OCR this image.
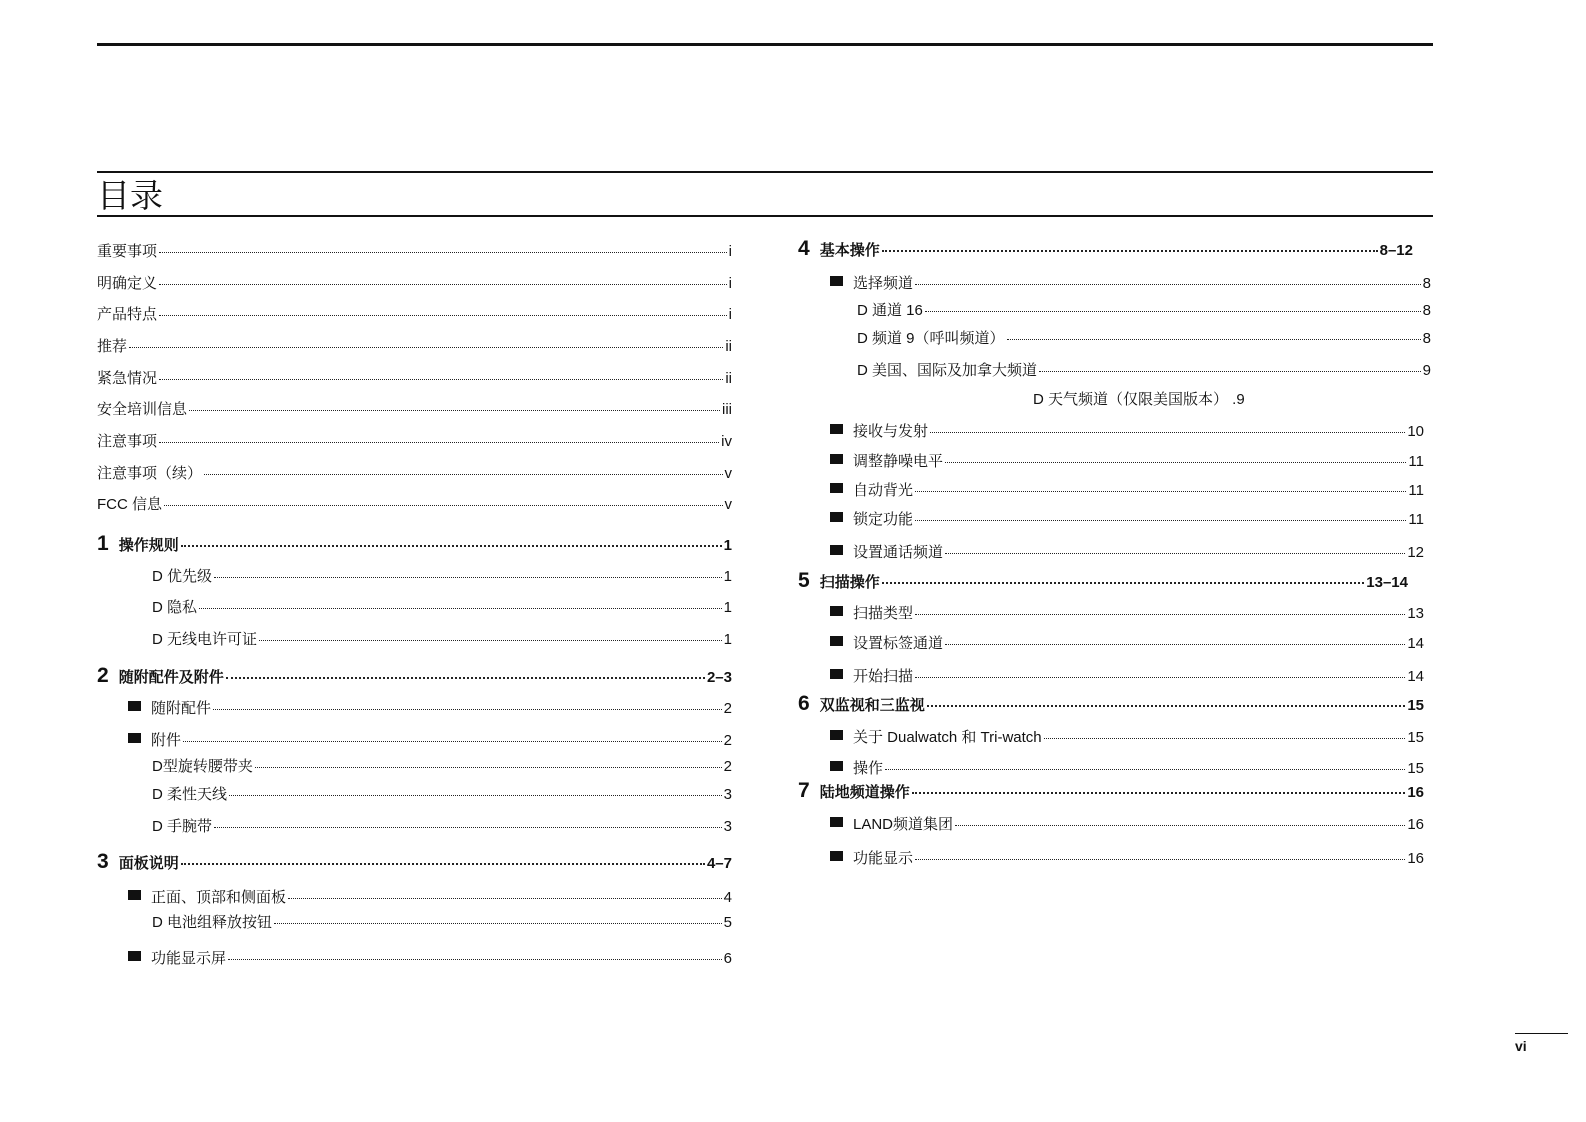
目录
重要事项	i
明确定义	i
产品特点	i
推荐	ii
紧急情况	ii
安全培训信息	iii
注意事项	iv
注意事项（续）	v
FCC 信息	v
1 操作规则	1
D 优先级	1
D 隐私	1
D 无线电许可证	1
2 随附配件及附件	2–3
随附配件	2
附件	2
D型旋转腰带夹	2
D 柔性天线	3
D 手腕带	3
3 面板说明	4–7
正面、顶部和侧面板	4
D 电池组释放按钮	5
功能显示屏	6
4 基本操作	8–12
选择频道	8
D 通道 16	8
D 频道 9（呼叫频道）	8
D 美国、国际及加拿大频道	9
D 天气频道（仅限美国版本） .9
接收与发射	10
调整静噪电平	11
自动背光	11
锁定功能	11
设置通话频道	12
5 扫描操作	13–14
扫描类型	13
设置标签通道	14
开始扫描	14
6 双监视和三监视	15
关于 Dualwatch 和 Tri-watch	15
操作	15
7 陆地频道操作	16
LAND频道集团	16
功能显示	16
vi
